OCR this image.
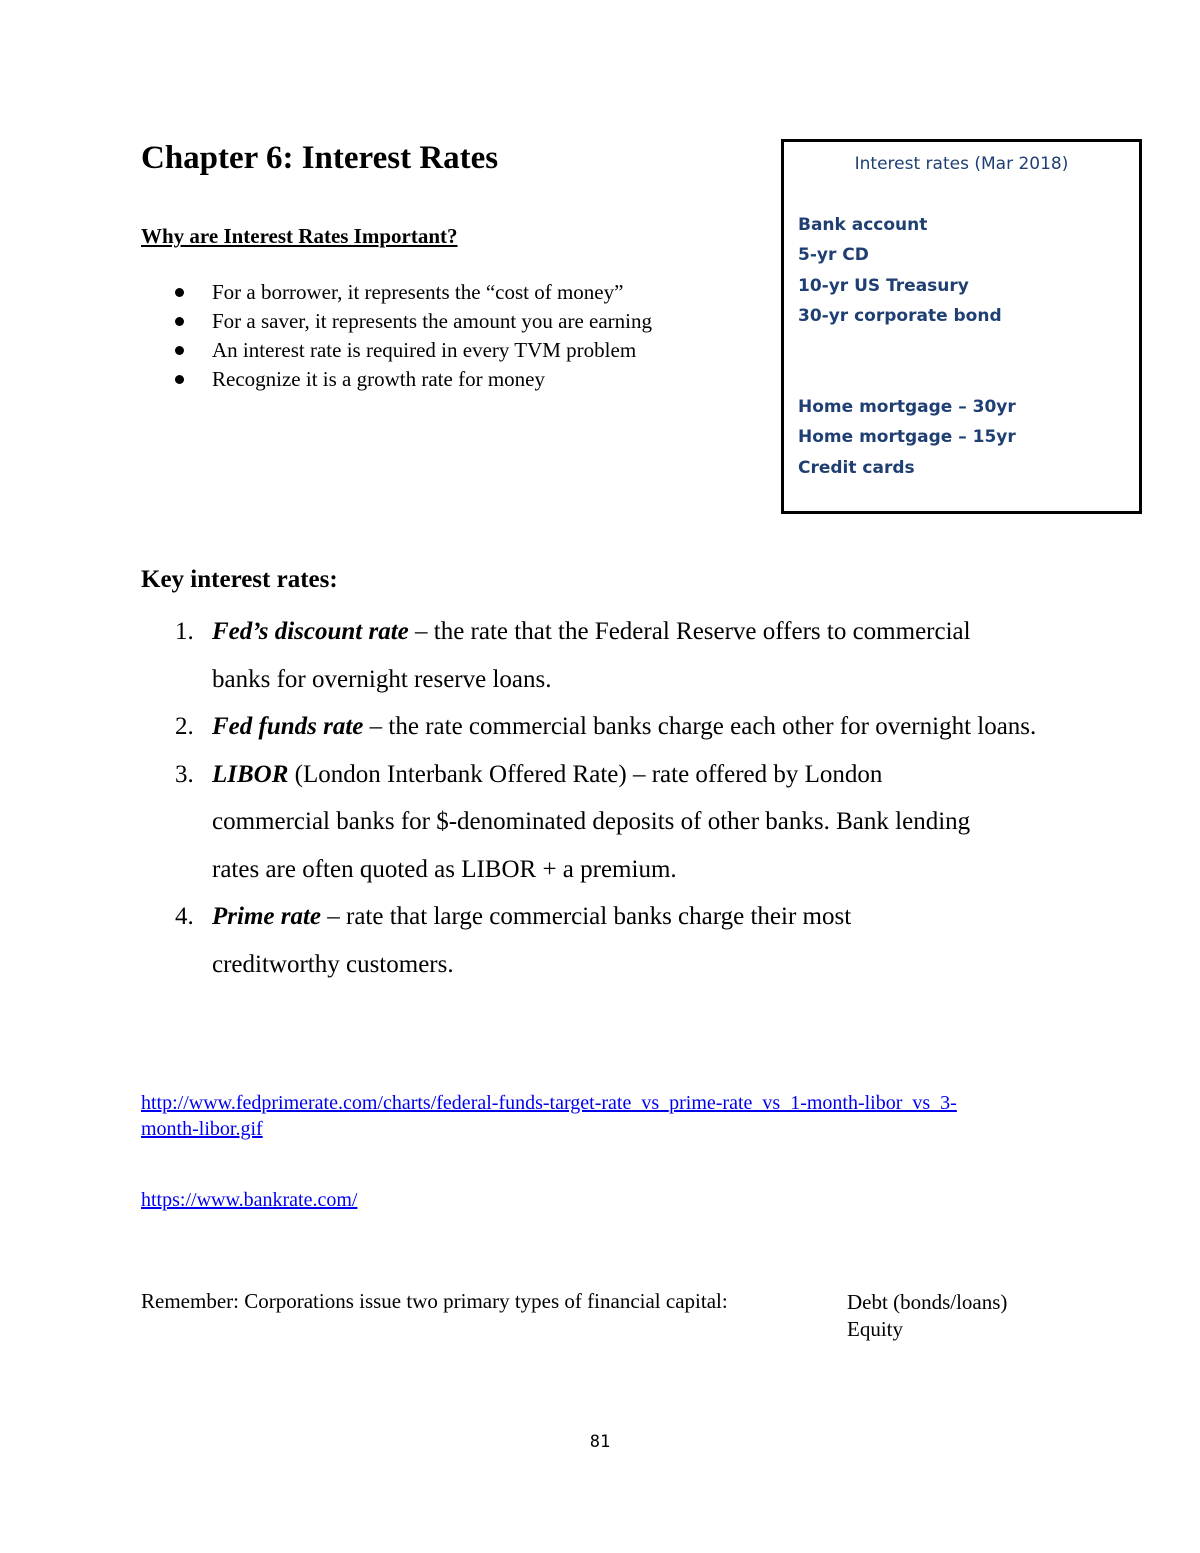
Chapter 6: Interest Rates
Why are Interest Rates Important?
For a borrower, it represents the “cost of money”
For a saver, it represents the amount you are earning
An interest rate is required in every TVM problem
Recognize it is a growth rate for money
Interest rates (Mar 2018)
Bank account
5-yr CD
10-yr US Treasury
30-yr corporate bond
Home mortgage – 30yr
Home mortgage – 15yr
Credit cards
Key interest rates:
1. Fed’s discount rate – the rate that the Federal Reserve offers to commercial
banks for overnight reserve loans.
2. Fed funds rate – the rate commercial banks charge each other for overnight loans.
3. LIBOR (London Interbank Offered Rate) – rate offered by London
commercial banks for $-denominated deposits of other banks. Bank lending
rates are often quoted as LIBOR + a premium.
4. Prime rate – rate that large commercial banks charge their most
creditworthy customers.
http://www.fedprimerate.com/charts/federal-funds-target-rate_vs_prime-rate_vs_1-month-libor_vs_3-
month-libor.gif
https://www.bankrate.com/
Remember: Corporations issue two primary types of financial capital:	Debt (bonds/loans)
Equity
81
